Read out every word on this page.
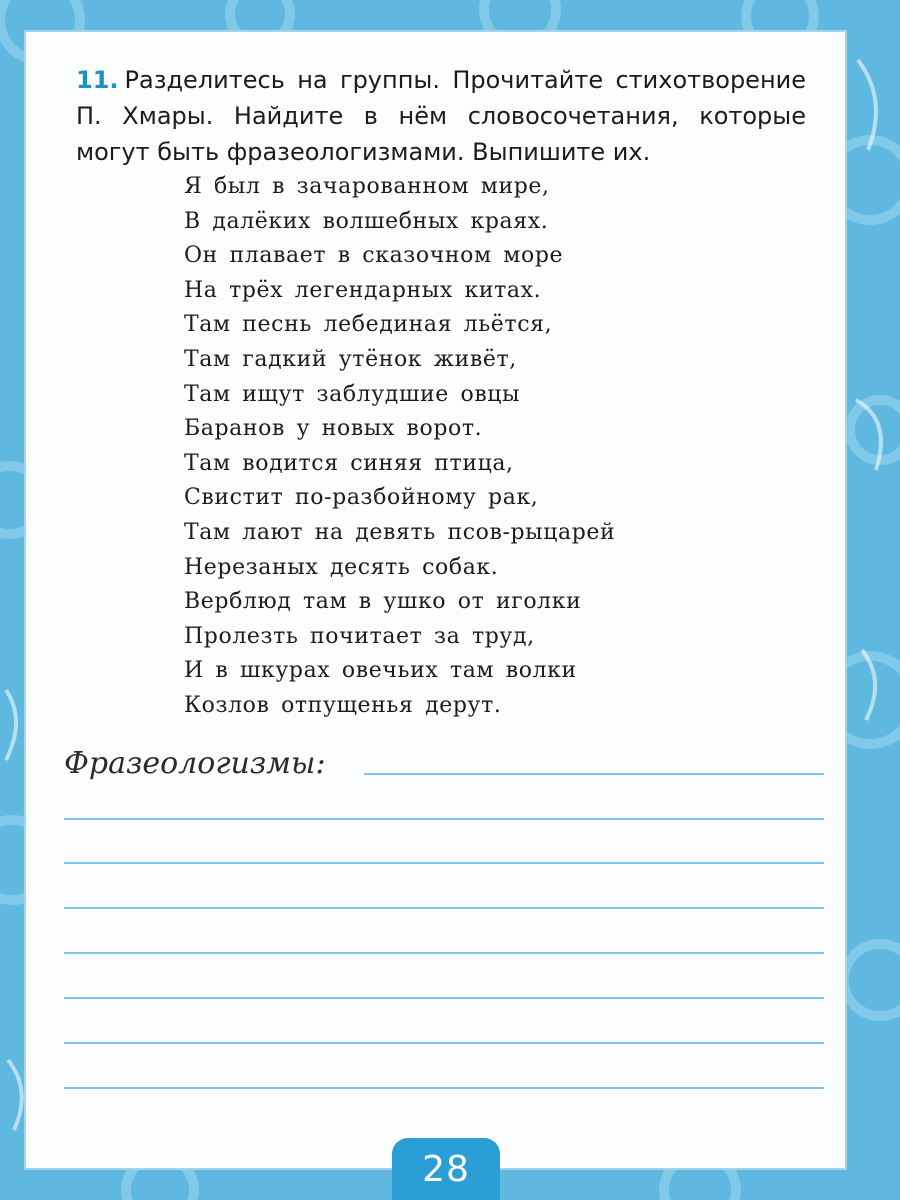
11. Разделитесь на группы. Прочитайте стихотворение П. Хмары. Найдите в нём словосочетания, которые могут быть фразеологизмами. Выпишите их.
Я был в зачарованном мире,
В далёких волшебных краях.
Он плавает в сказочном море
На трёх легендарных китах.
Там песнь лебединая льётся,
Там гадкий утёнок живёт,
Там ищут заблудшие овцы
Баранов у новых ворот.
Там водится синяя птица,
Свистит по-разбойному рак,
Там лают на девять псов-рыцарей
Нерезаных десять собак.
Верблюд там в ушко от иголки
Пролезть почитает за труд,
И в шкурах овечьих там волки
Козлов отпущенья дерут.
Фразеологизмы:
28
